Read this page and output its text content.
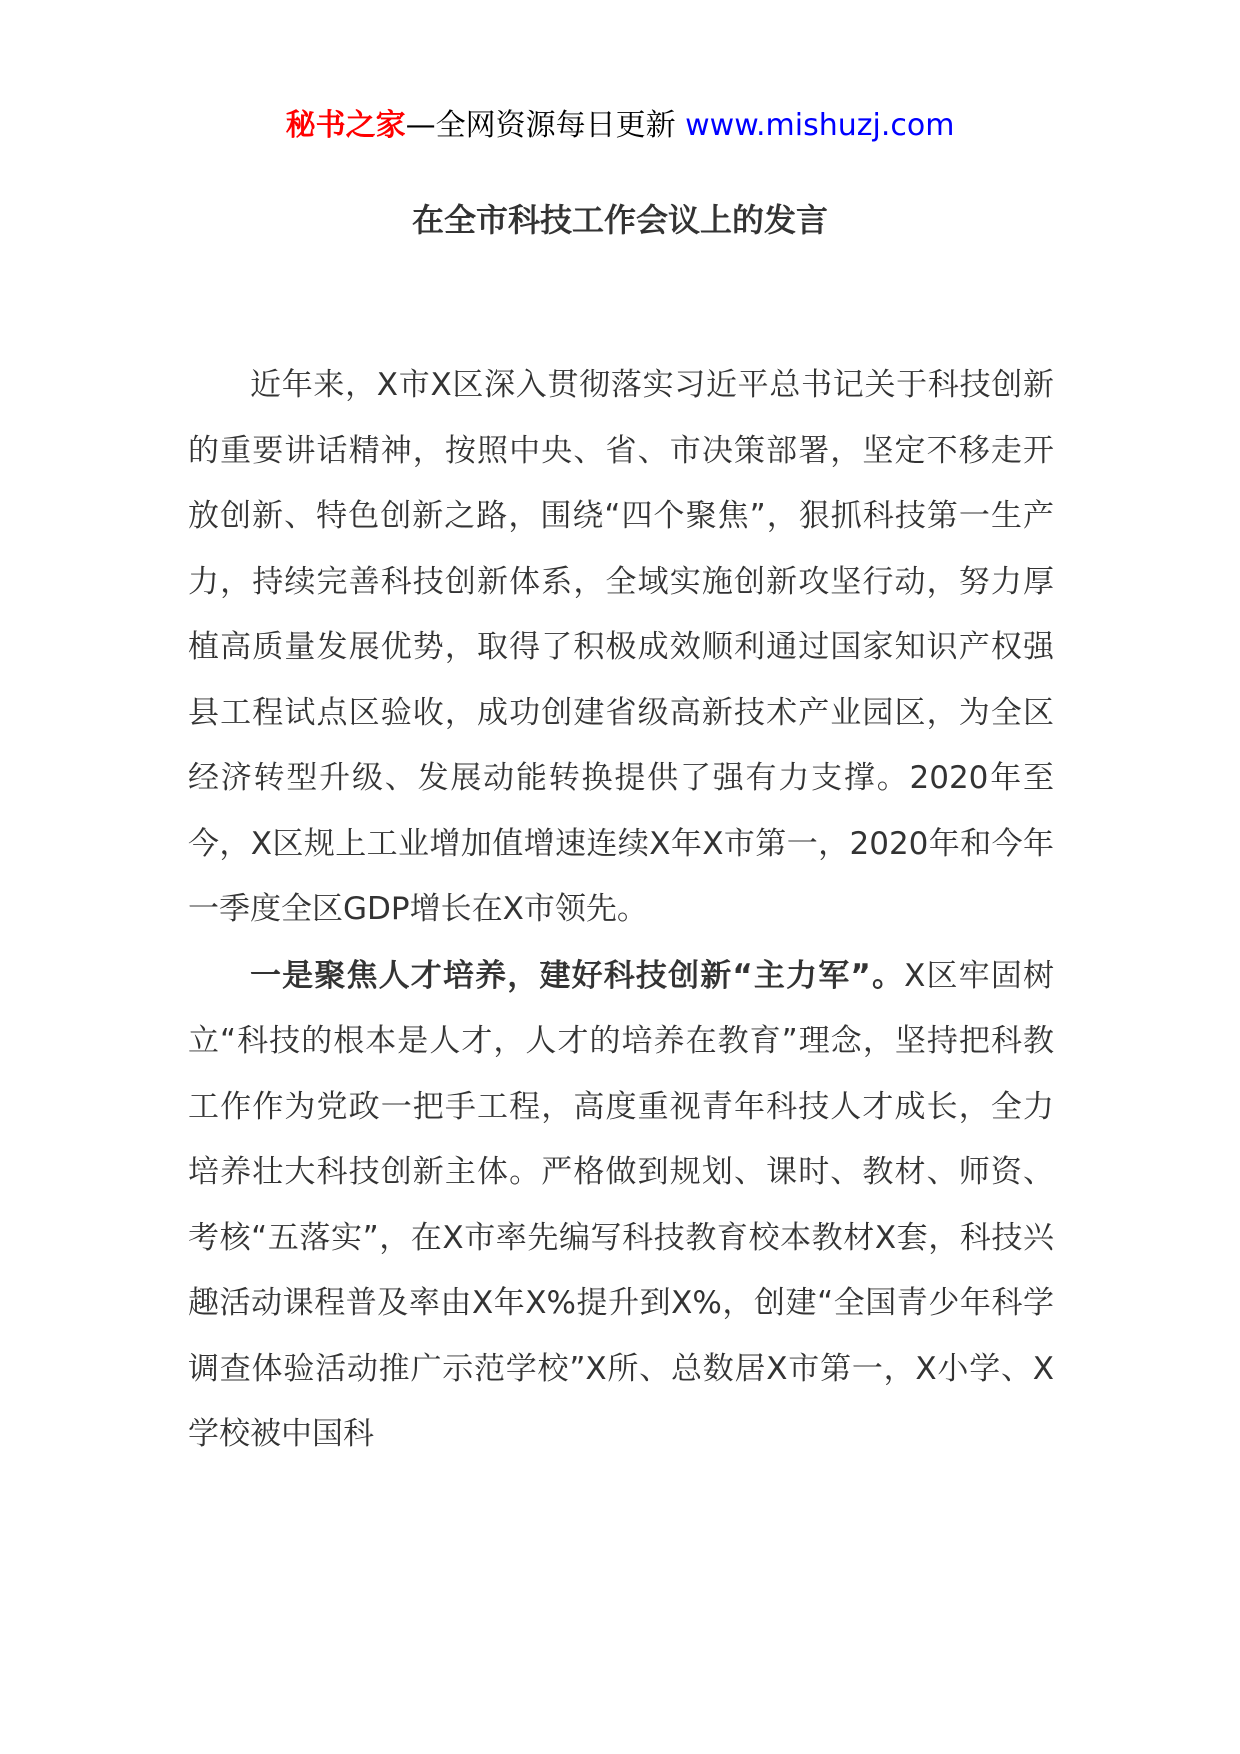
秘书之家—全网资源每日更新 www.mishuzj.com
在全市科技工作会议上的发言

近年来，X市X区深入贯彻落实习近平总书记关于科技创新的重要讲话精神，按照中央、省、市决策部署，坚定不移走开放创新、特色创新之路，围绕“四个聚焦”，狠抓科技第一生产力，持续完善科技创新体系，全域实施创新攻坚行动，努力厚植高质量发展优势，取得了积极成效顺利通过国家知识产权强县工程试点区验收，成功创建省级高新技术产业园区，为全区经济转型升级、发展动能转换提供了强有力支撑。2020年至今，X区规上工业增加值增速连续X年X市第一，2020年和今年一季度全区GDP增长在X市领先。

一是聚焦人才培养，建好科技创新“主力军”。X区牢固树立“科技的根本是人才，人才的培养在教育”理念，坚持把科教工作作为党政一把手工程，高度重视青年科技人才成长，全力培养壮大科技创新主体。严格做到规划、课时、教材、师资、考核“五落实”，在X市率先编写科技教育校本教材X套，科技兴趣活动课程普及率由X年X%提升到X%，创建“全国青少年科学调查体验活动推广示范学校”X所、总数居X市第一，X小学、X学校被中国科
